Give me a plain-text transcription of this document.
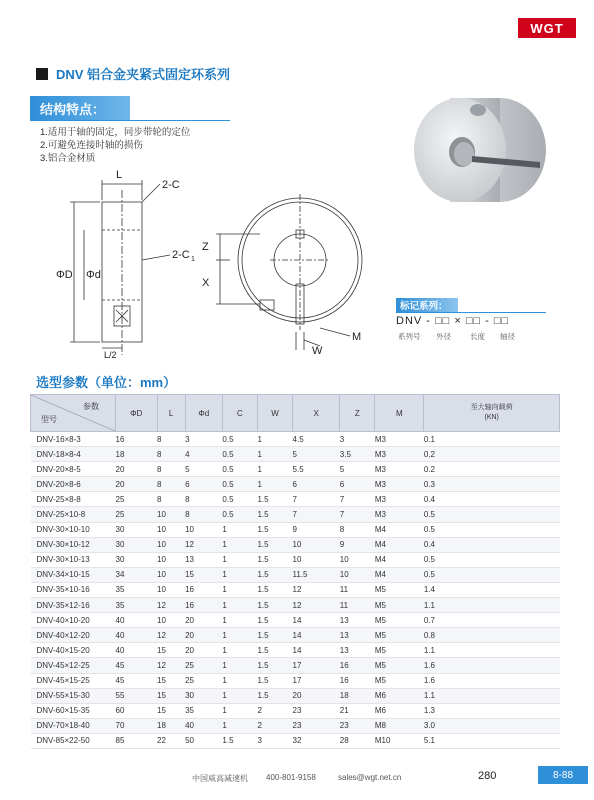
WGT
DNV 铝合金夹紧式固定环系列
结构特点：
1.适用于轴的固定，同步带轮的定位
2.可避免连接时轴的损伤
3.铝合金材质
L
2-C
2-C 1
ΦD Φd
L/2
Z
X
W
M
标记系列：
DNV - □□ × □□ - □□
系列号 外径	长度 轴径
选型参数（单位：mm）
参数
型号	ΦD	L	Φd	C	W	X	Z	M	至大轴向载荷
(KN)
DNV-16×8-3	16	8	3	0.5	1	4.5	3	M3	0.1
DNV-18×8-4	18	8	4	0.5	1	5	3.5	M3	0.2
DNV-20×8-5	20	8	5	0.5	1	5.5	5	M3	0.2
DNV-20×8-6	20	8	6	0.5	1	6	6	M3	0.3
DNV-25×8-8	25	8	8	0.5	1.5	7	7	M3	0.4
DNV-25×10-8	25	10	8	0.5	1.5	7	7	M3	0.5
DNV-30×10-10	30	10	10	1	1.5	9	8	M4	0.5
DNV-30×10-12	30	10	12	1	1.5	10	9	M4	0.4
DNV-30×10-13	30	10	13	1	1.5	10	10	M4	0.5
DNV-34×10-15	34	10	15	1	1.5	11.5	10	M4	0.5
DNV-35×10-16	35	10	16	1	1.5	12	11	M5	1.4
DNV-35×12-16	35	12	16	1	1.5	12	11	M5	1.1
DNV-40×10-20	40	10	20	1	1.5	14	13	M5	0.7
DNV-40×12-20	40	12	20	1	1.5	14	13	M5	0.8
DNV-40×15-20	40	15	20	1	1.5	14	13	M5	1.1
DNV-45×12-25	45	12	25	1	1.5	17	16	M5	1.6
DNV-45×15-25	45	15	25	1	1.5	17	16	M5	1.6
DNV-55×15-30	55	15	30	1	1.5	20	18	M6	1.1
DNV-60×15-35	60	15	35	1	2	23	21	M6	1.3
DNV-70×18-40	70	18	40	1	2	23	23	M8	3.0
DNV-85×22-50	85	22	50	1.5	3	32	28	M10	5.1
中国威高减速机 400-801-9158	sales@wgt.net.cn	280	8-88
